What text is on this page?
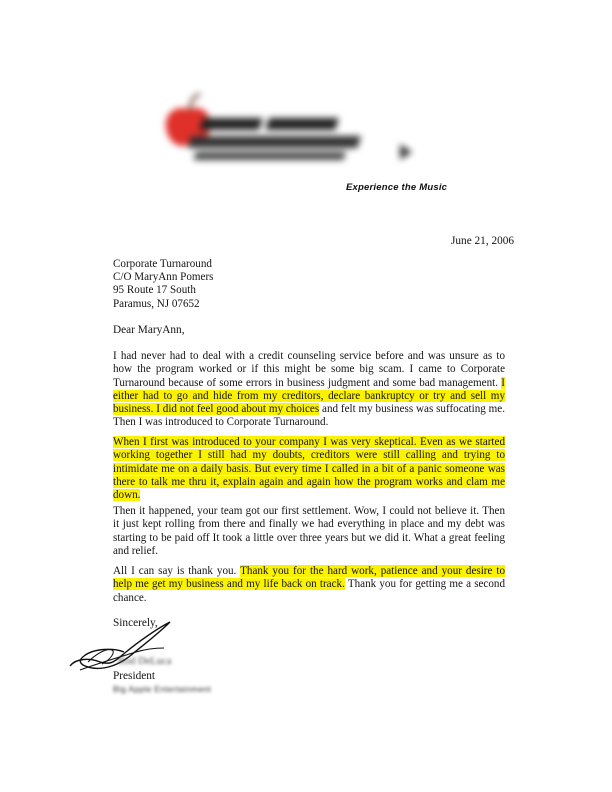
Experience the Music
June 21, 2006
Corporate Turnaround
C/O MaryAnn Pomers
95 Route 17 South
Paramus, NJ 07652
Dear MaryAnn,
I had never had to deal with a credit counseling service before and was unsure as to how the program worked or if this might be some big scam. I came to Corporate Turnaround because of some errors in business judgment and some bad management. I either had to go and hide from my creditors, declare bankruptcy or try and sell my business. I did not feel good about my choices and felt my business was suffocating me. Then I was introduced to Corporate Turnaround.
When I first was introduced to your company I was very skeptical. Even as we started working together I still had my doubts, creditors were still calling and trying to intimidate me on a daily basis. But every time I called in a bit of a panic someone was there to talk me thru it, explain again and again how the program works and clam me down.
Then it happened, your team got our first settlement. Wow, I could not believe it. Then it just kept rolling from there and finally we had everything in place and my debt was starting to be paid off It took a little over three years but we did it. What a great feeling and relief.
All I can say is thank you. Thank you for the hard work, patience and your desire to help me get my business and my life back on track. Thank you for getting me a second chance.
Sincerely,
Rod DeLuca
President
Big Apple Entertainment
